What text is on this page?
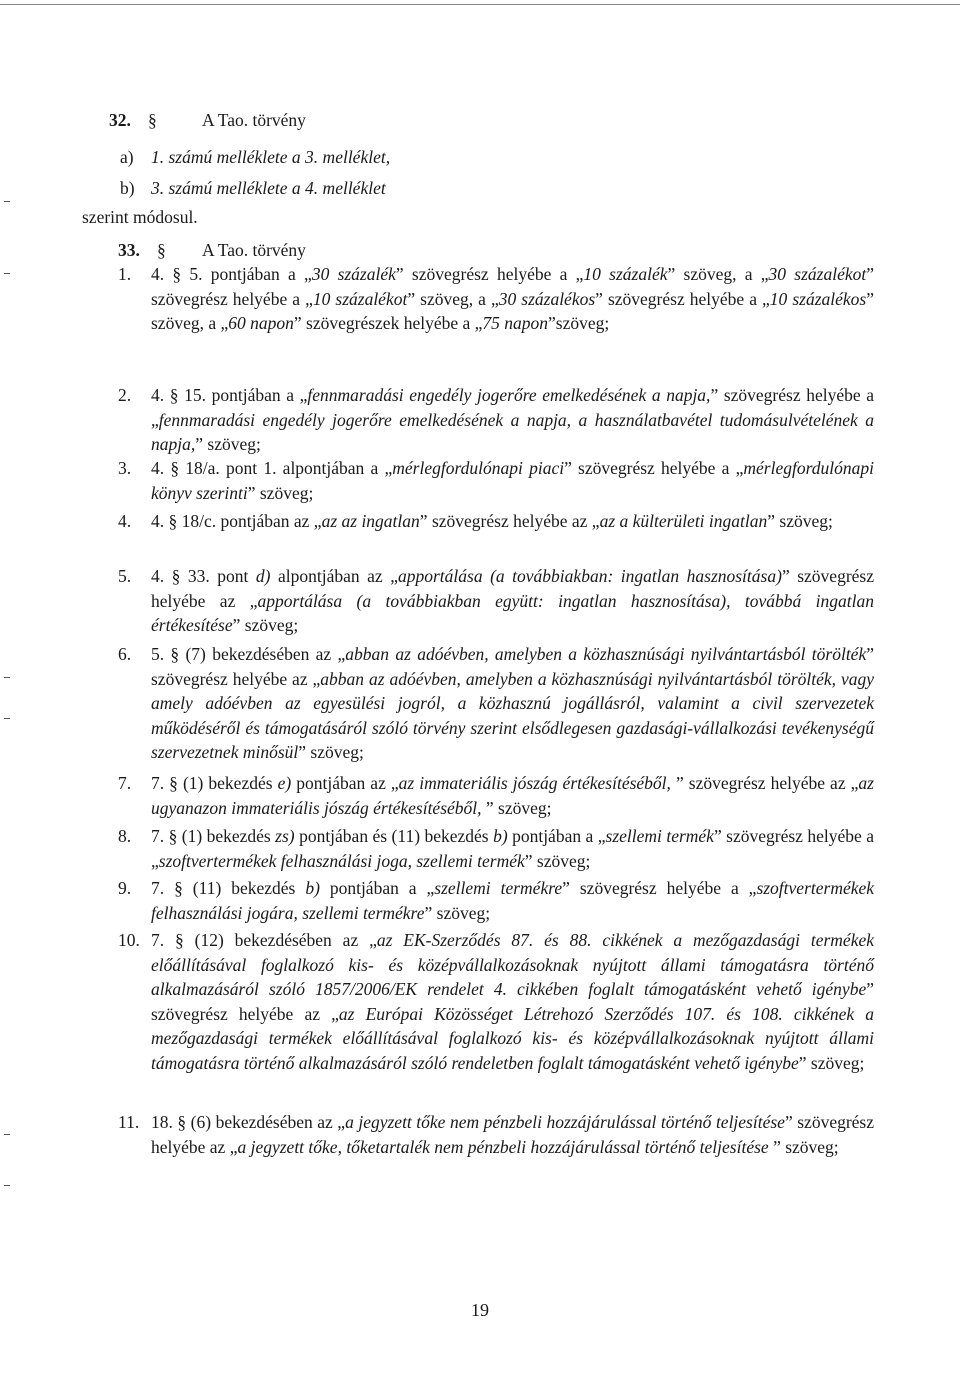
32. §	A Tao. törvény
a) 1. számú melléklete a 3. melléklet,
b) 3. számú melléklete a 4. melléklet
szerint módosul.
33. § A Tao. törvény
1.	4. § 5. pontjában a „30 százalék” szövegrész helyébe a „10 százalék” szöveg, a „30 százalékot” szövegrész helyébe a „10 százalékot” szöveg, a „30 százalékos” szövegrész helyébe a „10 százalékos” szöveg, a „60 napon” szövegrészek helyébe a „75 napon”szöveg;
2.	4. § 15. pontjában a „fennmaradási engedély jogerőre emelkedésének a napja,” szövegrész helyébe a „fennmaradási engedély jogerőre emelkedésének a napja, a használatbavétel tudomásulvételének a napja,” szöveg;
3.	4. § 18/a. pont 1. alpontjában a „mérlegfordulónapi piaci” szövegrész helyébe a „mérlegfordulónapi könyv szerinti” szöveg;
4.	4. § 18/c. pontjában az „az az ingatlan” szövegrész helyébe az „az a külterületi ingatlan” szöveg;
5.	4. § 33. pont d) alpontjában az „apportálása (a továbbiakban: ingatlan hasznosítása)” szövegrész helyébe az „apportálása (a továbbiakban együtt: ingatlan hasznosítása), továbbá ingatlan értékesítése” szöveg;
6.	5. § (7) bekezdésében az „abban az adóévben, amelyben a közhasznúsági nyilvántartásból törölték” szövegrész helyébe az „abban az adóévben, amelyben a közhasznúsági nyilvántartásból törölték, vagy amely adóévben az egyesülési jogról, a közhasznú jogállásról, valamint a civil szervezetek működéséről és támogatásáról szóló törvény szerint elsődlegesen gazdasági-vállalkozási tevékenységű szervezetnek minősül” szöveg;
7.	7. § (1) bekezdés e) pontjában az „az immateriális jószág értékesítéséből, ” szövegrész helyébe az „az ugyanazon immateriális jószág értékesítéséből, ” szöveg;
8.	7. § (1) bekezdés zs) pontjában és (11) bekezdés b) pontjában a „szellemi termék” szövegrész helyébe a „szoftvertermékek felhasználási joga, szellemi termék” szöveg;
9.	7. § (11) bekezdés b) pontjában a „szellemi termékre” szövegrész helyébe a „szoftvertermékek felhasználási jogára, szellemi termékre” szöveg;
10. 7. § (12) bekezdésében az „az EK-Szerződés 87. és 88. cikkének a mezőgazdasági termékek előállításával foglalkozó kis- és középvállalkozásoknak nyújtott állami támogatásra történő alkalmazásáról szóló 1857/2006/EK rendelet 4. cikkében foglalt támogatásként vehető igénybe” szövegrész helyébe az „az Európai Közösséget Létrehozó Szerződés 107. és 108. cikkének a mezőgazdasági termékek előállításával foglalkozó kis- és középvállalkozásoknak nyújtott állami támogatásra történő alkalmazásáról szóló rendeletben foglalt támogatásként vehető igénybe” szöveg;
11. 18. § (6) bekezdésében az „a jegyzett tőke nem pénzbeli hozzájárulással történő teljesítése” szövegrész helyébe az „a jegyzett tőke, tőketartalék nem pénzbeli hozzájárulással történő teljesítése ” szöveg;
19
